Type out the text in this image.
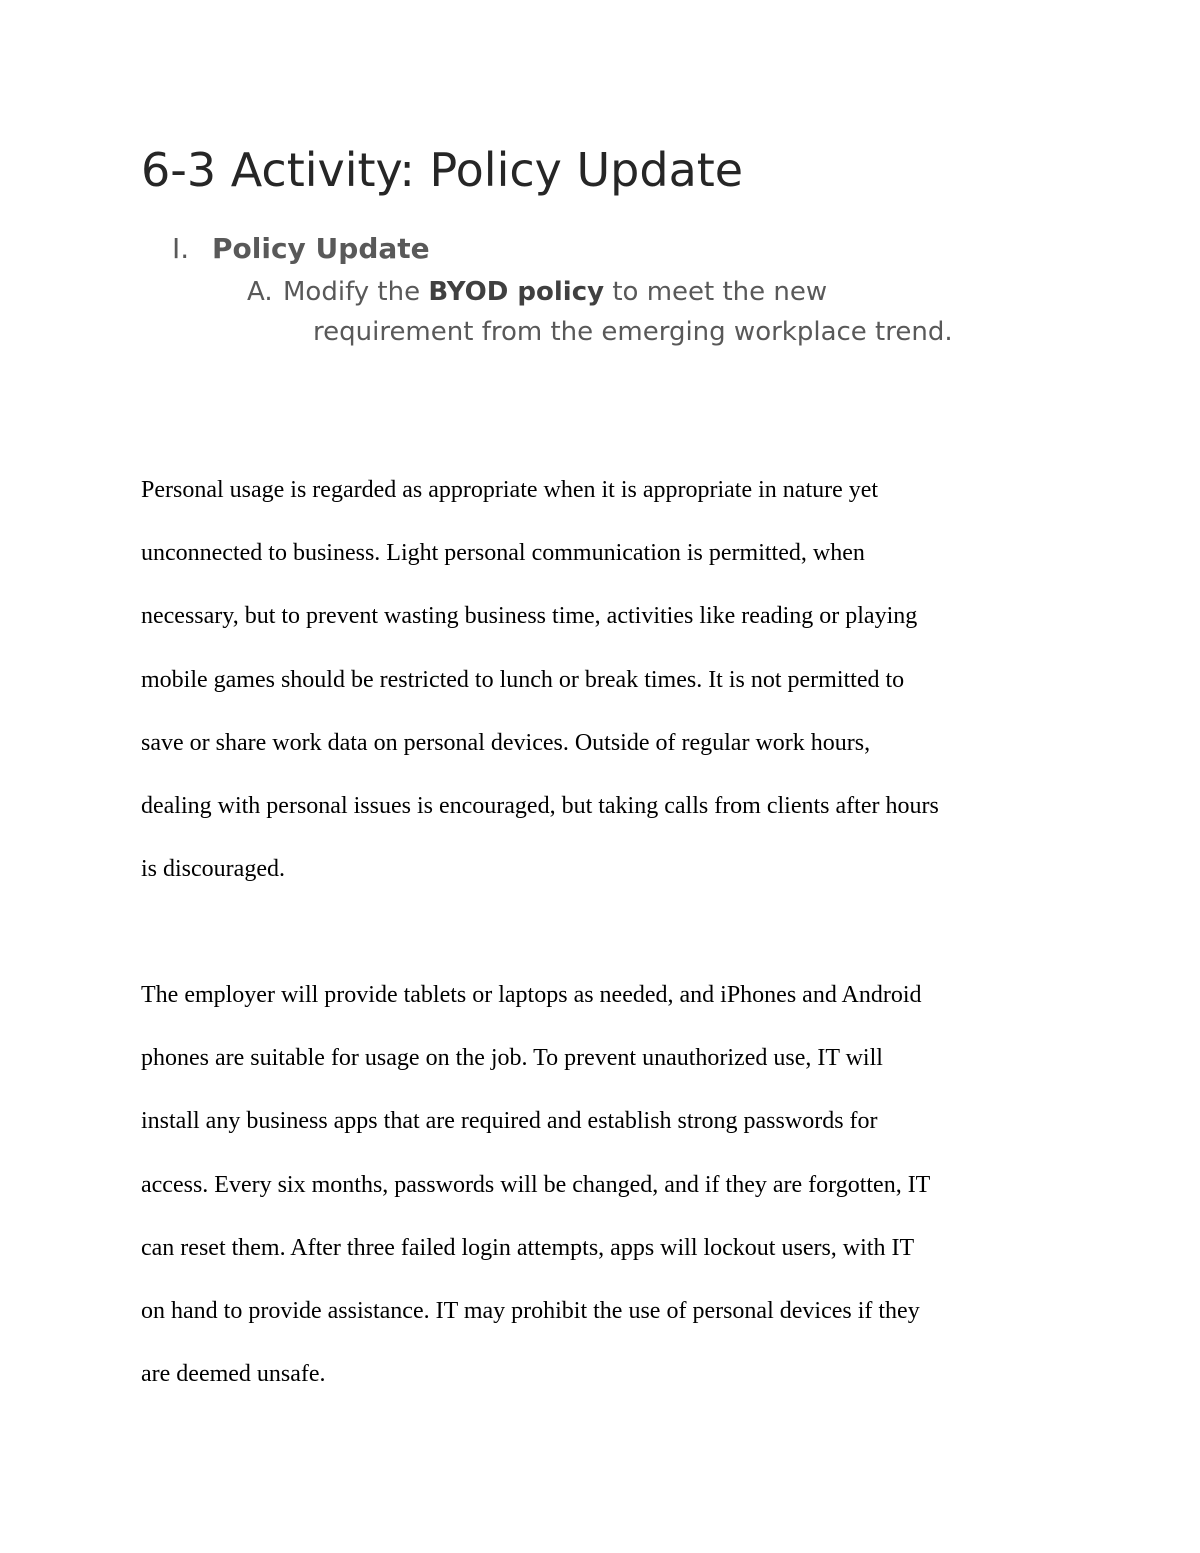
6-3 Activity: Policy Update
I. Policy Update
A. Modify the BYOD policy to meet the new
requirement from the emerging workplace trend.

Personal usage is regarded as appropriate when it is appropriate in nature yet
unconnected to business. Light personal communication is permitted, when
necessary, but to prevent wasting business time, activities like reading or playing
mobile games should be restricted to lunch or break times. It is not permitted to
save or share work data on personal devices. Outside of regular work hours,
dealing with personal issues is encouraged, but taking calls from clients after hours
is discouraged.

The employer will provide tablets or laptops as needed, and iPhones and Android
phones are suitable for usage on the job. To prevent unauthorized use, IT will
install any business apps that are required and establish strong passwords for
access. Every six months, passwords will be changed, and if they are forgotten, IT
can reset them. After three failed login attempts, apps will lockout users, with IT
on hand to provide assistance. IT may prohibit the use of personal devices if they
are deemed unsafe.
